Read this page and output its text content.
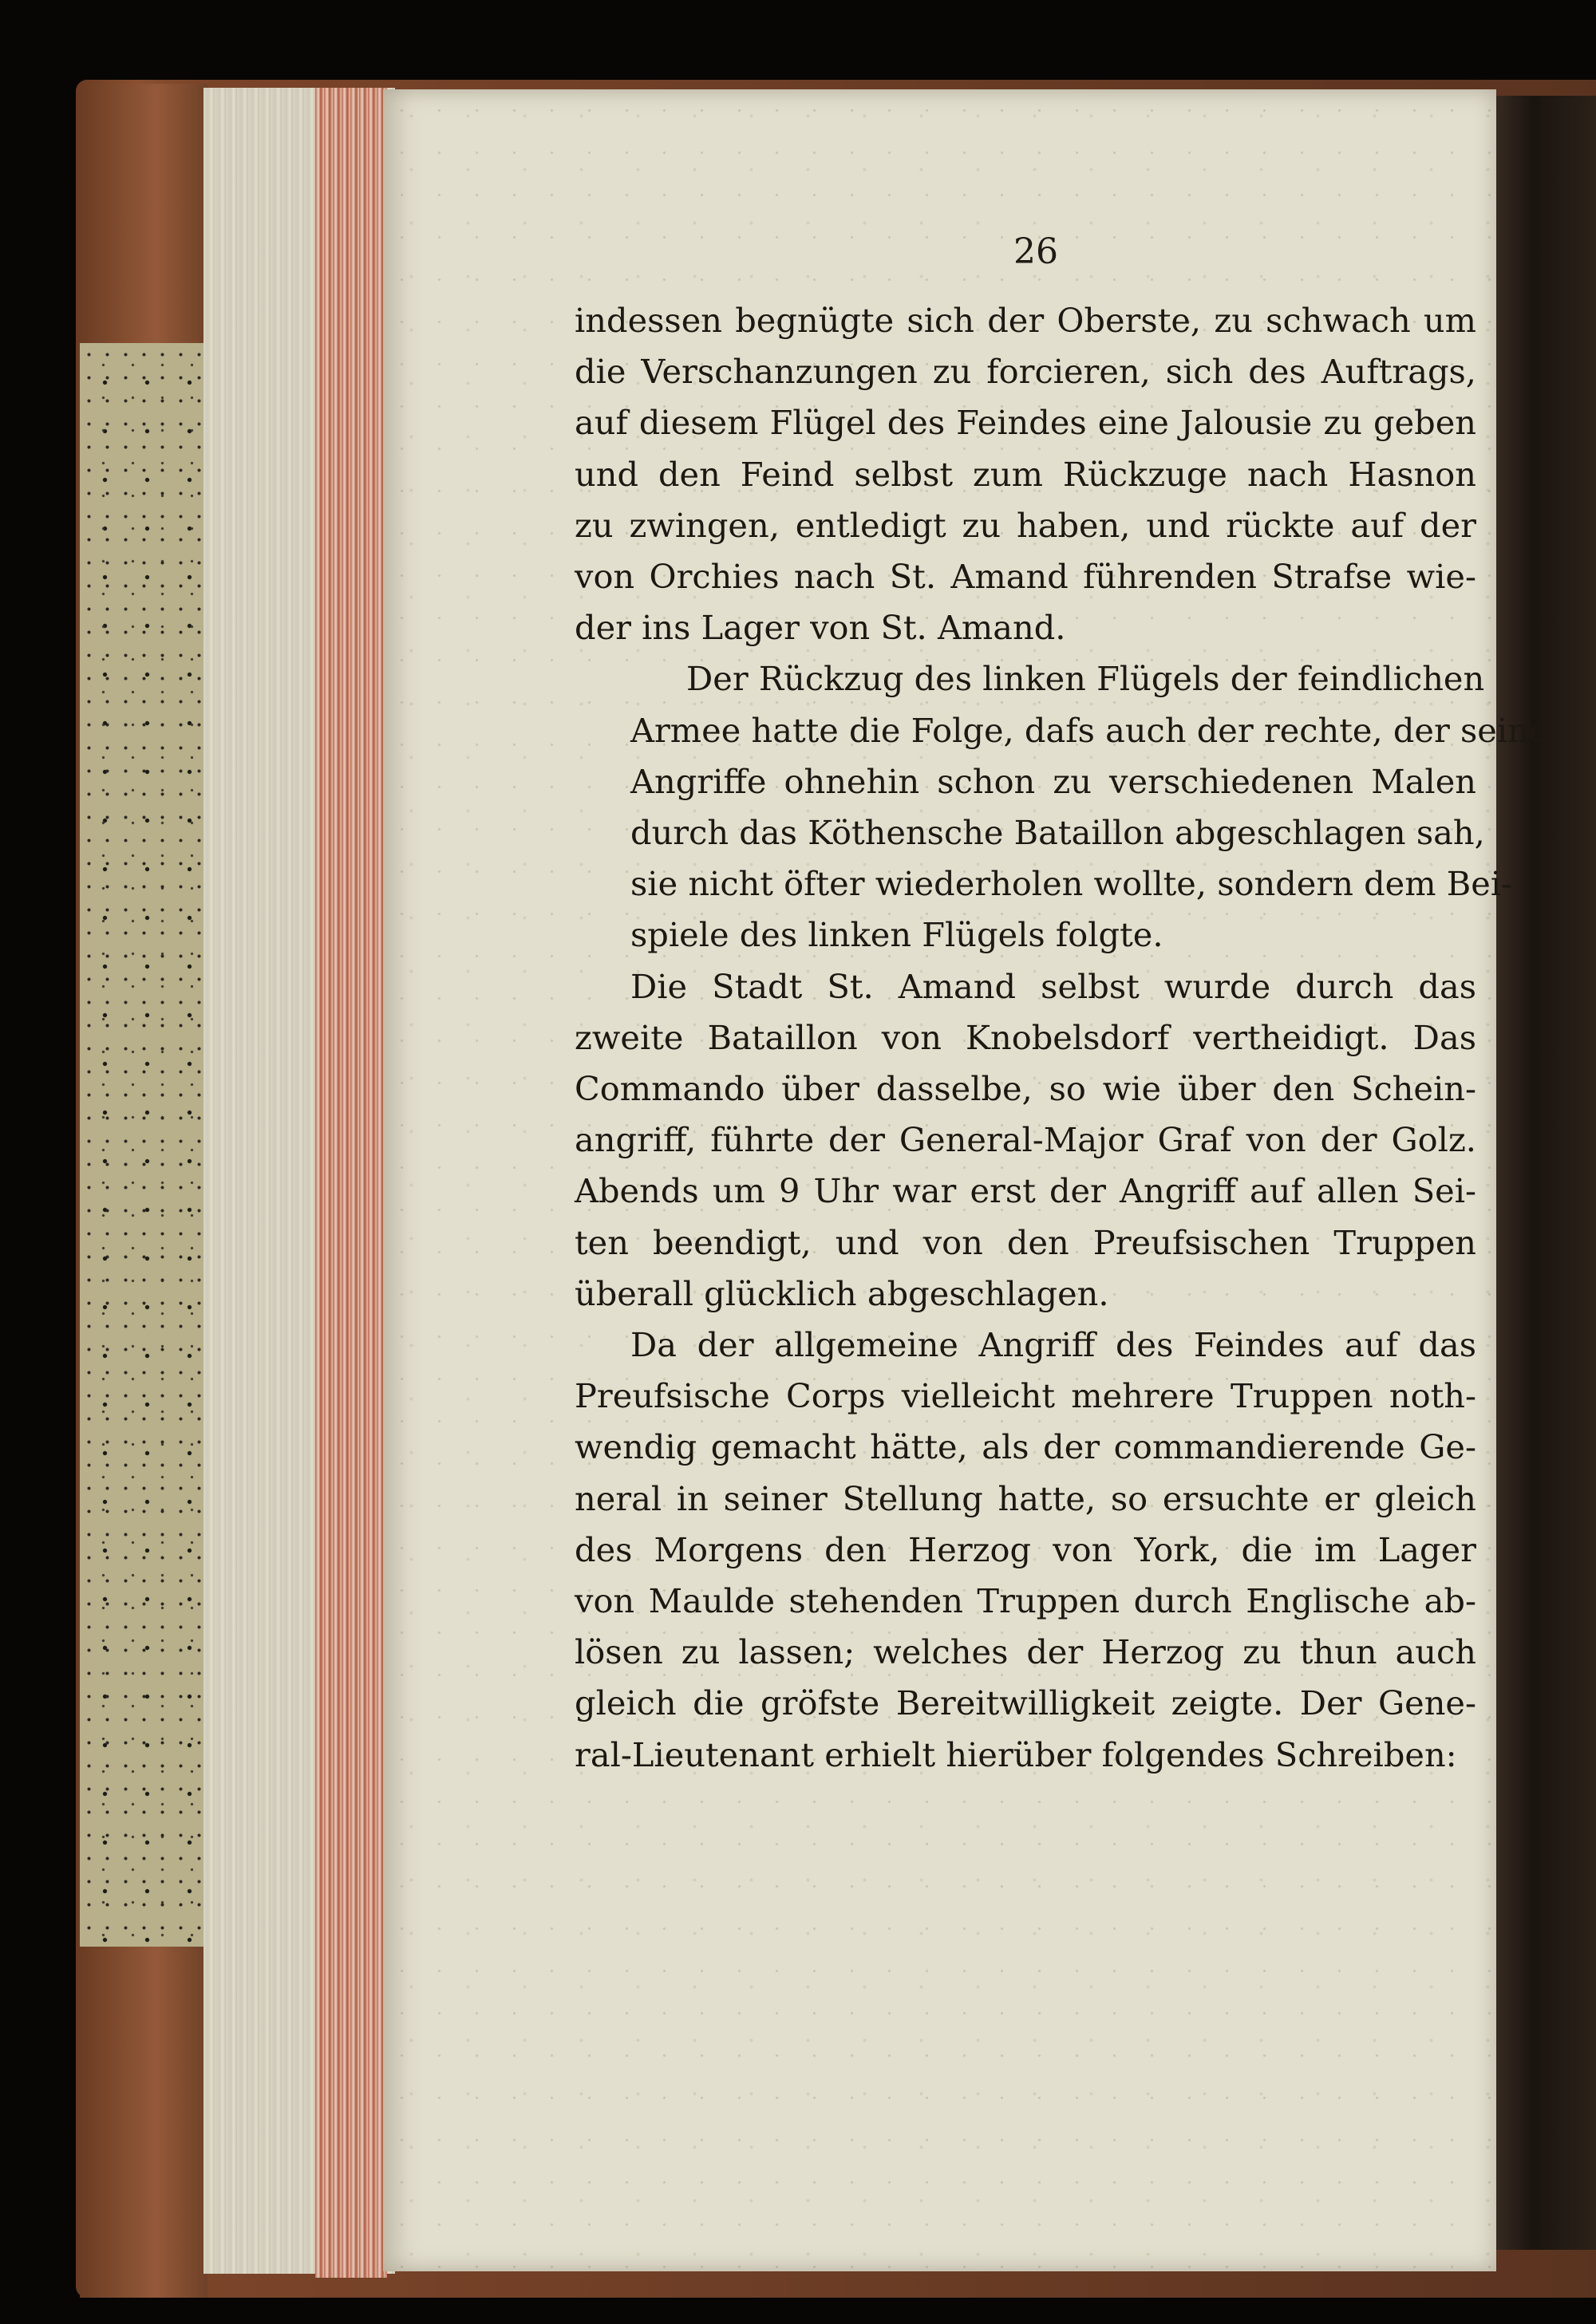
26

indessen begnügte sich der Oberste, zu schwach um
die Verschanzungen zu forcieren, sich des Auftrags,
auf diesem Flügel des Feindes eine Jalousie zu geben
und den Feind selbst zum Rückzuge nach Hasnon
zu zwingen, entledigt zu haben, und rückte auf der
von Orchies nach St. Amand führenden Strafse wie-
der ins Lager von St. Amand.

Der Rückzug des linken Flügels der feindlichen
Armee hatte die Folge, dafs auch der rechte, der seine
Angriffe ohnehin schon zu verschiedenen Malen
durch das Köthensche Bataillon abgeschlagen sah,
sie nicht öfter wiederholen wollte, sondern dem Bei-
spiele des linken Flügels folgte.

Die Stadt St. Amand selbst wurde durch das
zweite Bataillon von Knobelsdorf vertheidigt. Das
Commando über dasselbe, so wie über den Schein-
angriff, führte der General-Major Graf von der Golz.
Abends um 9 Uhr war erst der Angriff auf allen Sei-
ten beendigt, und von den Preufsischen Truppen
überall glücklich abgeschlagen.

Da der allgemeine Angriff des Feindes auf das
Preufsische Corps vielleicht mehrere Truppen noth-
wendig gemacht hätte, als der commandierende Ge-
neral in seiner Stellung hatte, so ersuchte er gleich
des Morgens den Herzog von York, die im Lager
von Maulde stehenden Truppen durch Englische ab-
lösen zu lassen; welches der Herzog zu thun auch
gleich die gröfste Bereitwilligkeit zeigte. Der Gene-
ral-Lieutenant erhielt hierüber folgendes Schreiben:
